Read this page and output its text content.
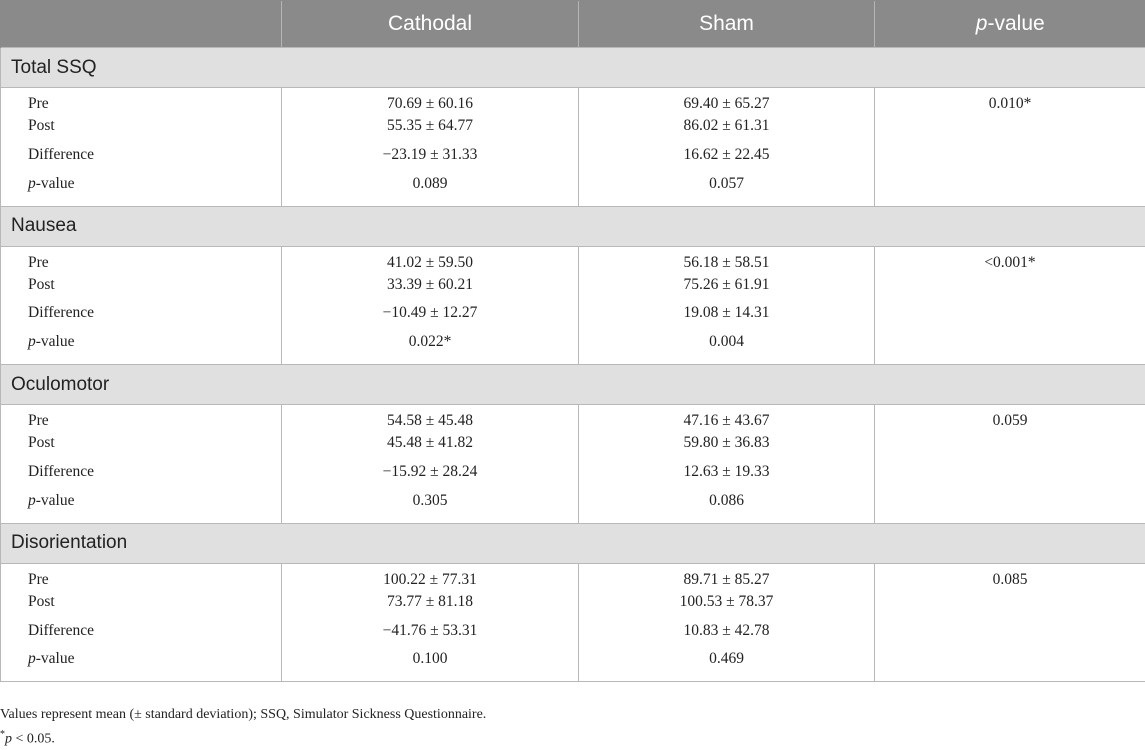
	Cathodal	Sham	p-value
Total SSQ			
Pre	70.69 ± 60.16	69.40 ± 65.27	0.010*
Post	55.35 ± 64.77	86.02 ± 61.31	
Difference	−23.19 ± 31.33	16.62 ± 22.45	
p-value	0.089	0.057	
Nausea			
Pre	41.02 ± 59.50	56.18 ± 58.51	<0.001*
Post	33.39 ± 60.21	75.26 ± 61.91	
Difference	−10.49 ± 12.27	19.08 ± 14.31	
p-value	0.022*	0.004	
Oculomotor			
Pre	54.58 ± 45.48	47.16 ± 43.67	0.059
Post	45.48 ± 41.82	59.80 ± 36.83	
Difference	−15.92 ± 28.24	12.63 ± 19.33	
p-value	0.305	0.086	
Disorientation			
Pre	100.22 ± 77.31	89.71 ± 85.27	0.085
Post	73.77 ± 81.18	100.53 ± 78.37	
Difference	−41.76 ± 53.31	10.83 ± 42.78	
p-value	0.100	0.469	
Values represent mean (± standard deviation); SSQ, Simulator Sickness Questionnaire.
*p < 0.05.
